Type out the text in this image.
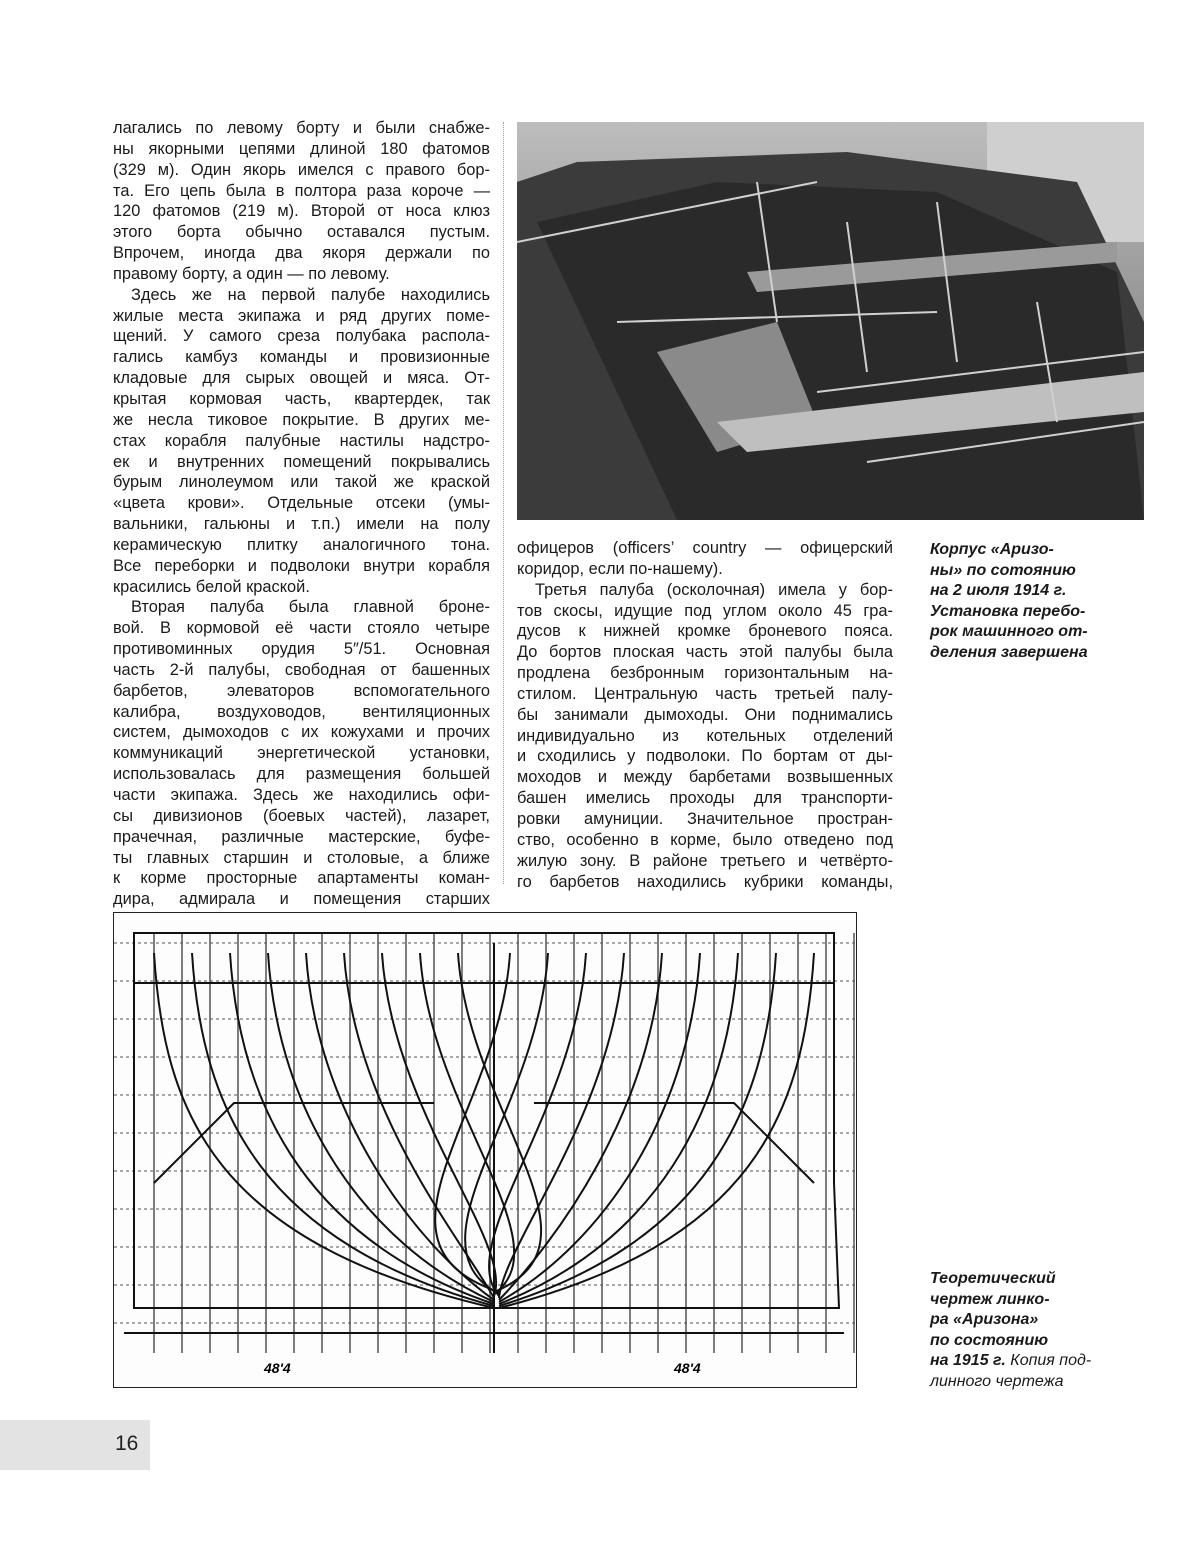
лагались по левому борту и были снабже-
ны якорными цепями длиной 180 фатомов
(329 м). Один якорь имелся с правого бор-
та. Его цепь была в полтора раза короче —
120 фатомов (219 м). Второй от носа клюз
этого борта обычно оставался пустым.
Впрочем, иногда два якоря держали по
правому борту, а один — по левому.
Здесь же на первой палубе находились
жилые места экипажа и ряд других поме-
щений. У самого среза полубака распола-
гались камбуз команды и провизионные
кладовые для сырых овощей и мяса. От-
крытая кормовая часть, квартердек, так
же несла тиковое покрытие. В других ме-
стах корабля палубные настилы надстро-
ек и внутренних помещений покрывались
бурым линолеумом или такой же краской
«цвета крови». Отдельные отсеки (умы-
вальники, гальюны и т.п.) имели на полу
керамическую плитку аналогичного тона.
Все переборки и подволоки внутри корабля
красились белой краской.
Вторая палуба была главной броне-
вой. В кормовой её части стояло четыре
противоминных орудия 5″/51. Основная
часть 2-й палубы, свободная от башенных
барбетов, элеваторов вспомогательного
калибра, воздуховодов, вентиляционных
систем, дымоходов с их кожухами и прочих
коммуникаций энергетической установки,
использовалась для размещения большей
части экипажа. Здесь же находились офи-
сы дивизионов (боевых частей), лазарет,
прачечная, различные мастерские, буфе-
ты главных старшин и столовые, а ближе
к корме просторные апартаменты коман-
дира, адмирала и помещения старших
офицеров (officers’ country — офицерский
коридор, если по-нашему).
Третья палуба (осколочная) имела у бор-
тов скосы, идущие под углом около 45 гра-
дусов к нижней кромке броневого пояса.
До бортов плоская часть этой палубы была
продлена безбронным горизонтальным на-
стилом. Центральную часть третьей палу-
бы занимали дымоходы. Они поднимались
индивидуально из котельных отделений
и сходились у подволоки. По бортам от ды-
моходов и между барбетами возвышенных
башен имелись проходы для транспорти-
ровки амуниции. Значительное простран-
ство, особенно в корме, было отведено под
жилую зону. В районе третьего и четвёрто-
го барбетов находились кубрики команды,
Корпус «Аризо-
ны» по сотоянию
на 2 июля 1914 г.
Установка перебо-
рок машинного от-
деления завершена
48'4	48'4
Теоретический
чертеж линко-
ра «Аризона»
по состоянию
на 1915 г. Копия под-
линного чертежа
16
